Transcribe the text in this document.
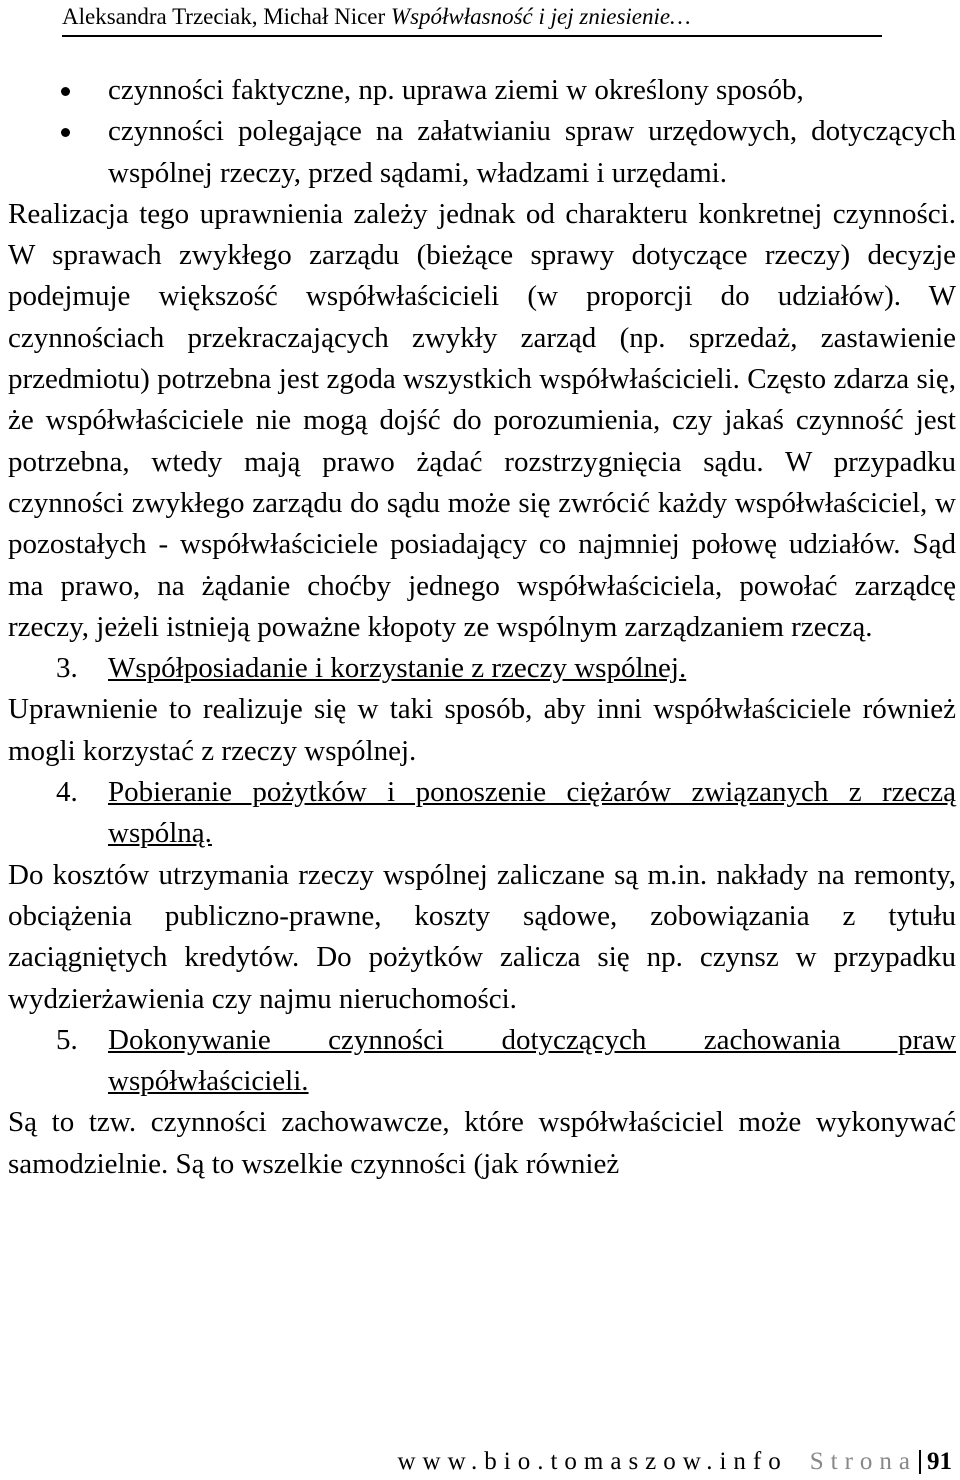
Aleksandra Trzeciak, Michał Nicer Współwłasność i jej zniesienie…
czynności faktyczne, np. uprawa ziemi w określony sposób,
czynności polegające na załatwianiu spraw urzędowych, dotyczących wspólnej rzeczy, przed sądami, władzami i urzędami.

Realizacja tego uprawnienia zależy jednak od charakteru konkretnej czynności. W sprawach zwykłego zarządu (bieżące sprawy dotyczące rzeczy) decyzje podejmuje większość współwłaścicieli (w proporcji do udziałów). W czynnościach przekraczających zwykły zarząd (np. sprzedaż, zastawienie przedmiotu) potrzebna jest zgoda wszystkich współwłaścicieli. Często zdarza się, że współwłaściciele nie mogą dojść do porozumienia, czy jakaś czynność jest potrzebna, wtedy mają prawo żądać rozstrzygnięcia sądu. W przypadku czynności zwykłego zarządu do sądu może się zwrócić każdy współwłaściciel, w pozostałych - współwłaściciele posiadający co najmniej połowę udziałów. Sąd ma prawo, na żądanie choćby jednego współwłaściciela, powołać zarządcę rzeczy, jeżeli istnieją poważne kłopoty ze wspólnym zarządzaniem rzeczą.

3.	Współposiadanie i korzystanie z rzeczy wspólnej.

Uprawnienie to realizuje się w taki sposób, aby inni współwłaściciele również mogli korzystać z rzeczy wspólnej.

4.	Pobieranie pożytków i ponoszenie ciężarów związanych z rzeczą wspólną.

Do kosztów utrzymania rzeczy wspólnej zaliczane są m.in. nakłady na remonty, obciążenia publiczno-prawne, koszty sądowe, zobowiązania z tytułu zaciągniętych kredytów. Do pożytków zalicza się np. czynsz w przypadku wydzierżawienia czy najmu nieruchomości.

5.	Dokonywanie czynności dotyczących zachowania praw współwłaścicieli.

Są to tzw. czynności zachowawcze, które współwłaściciel może wykonywać samodzielnie. Są to wszelkie czynności (jak również

www.bio.tomaszow.info Strona 91
